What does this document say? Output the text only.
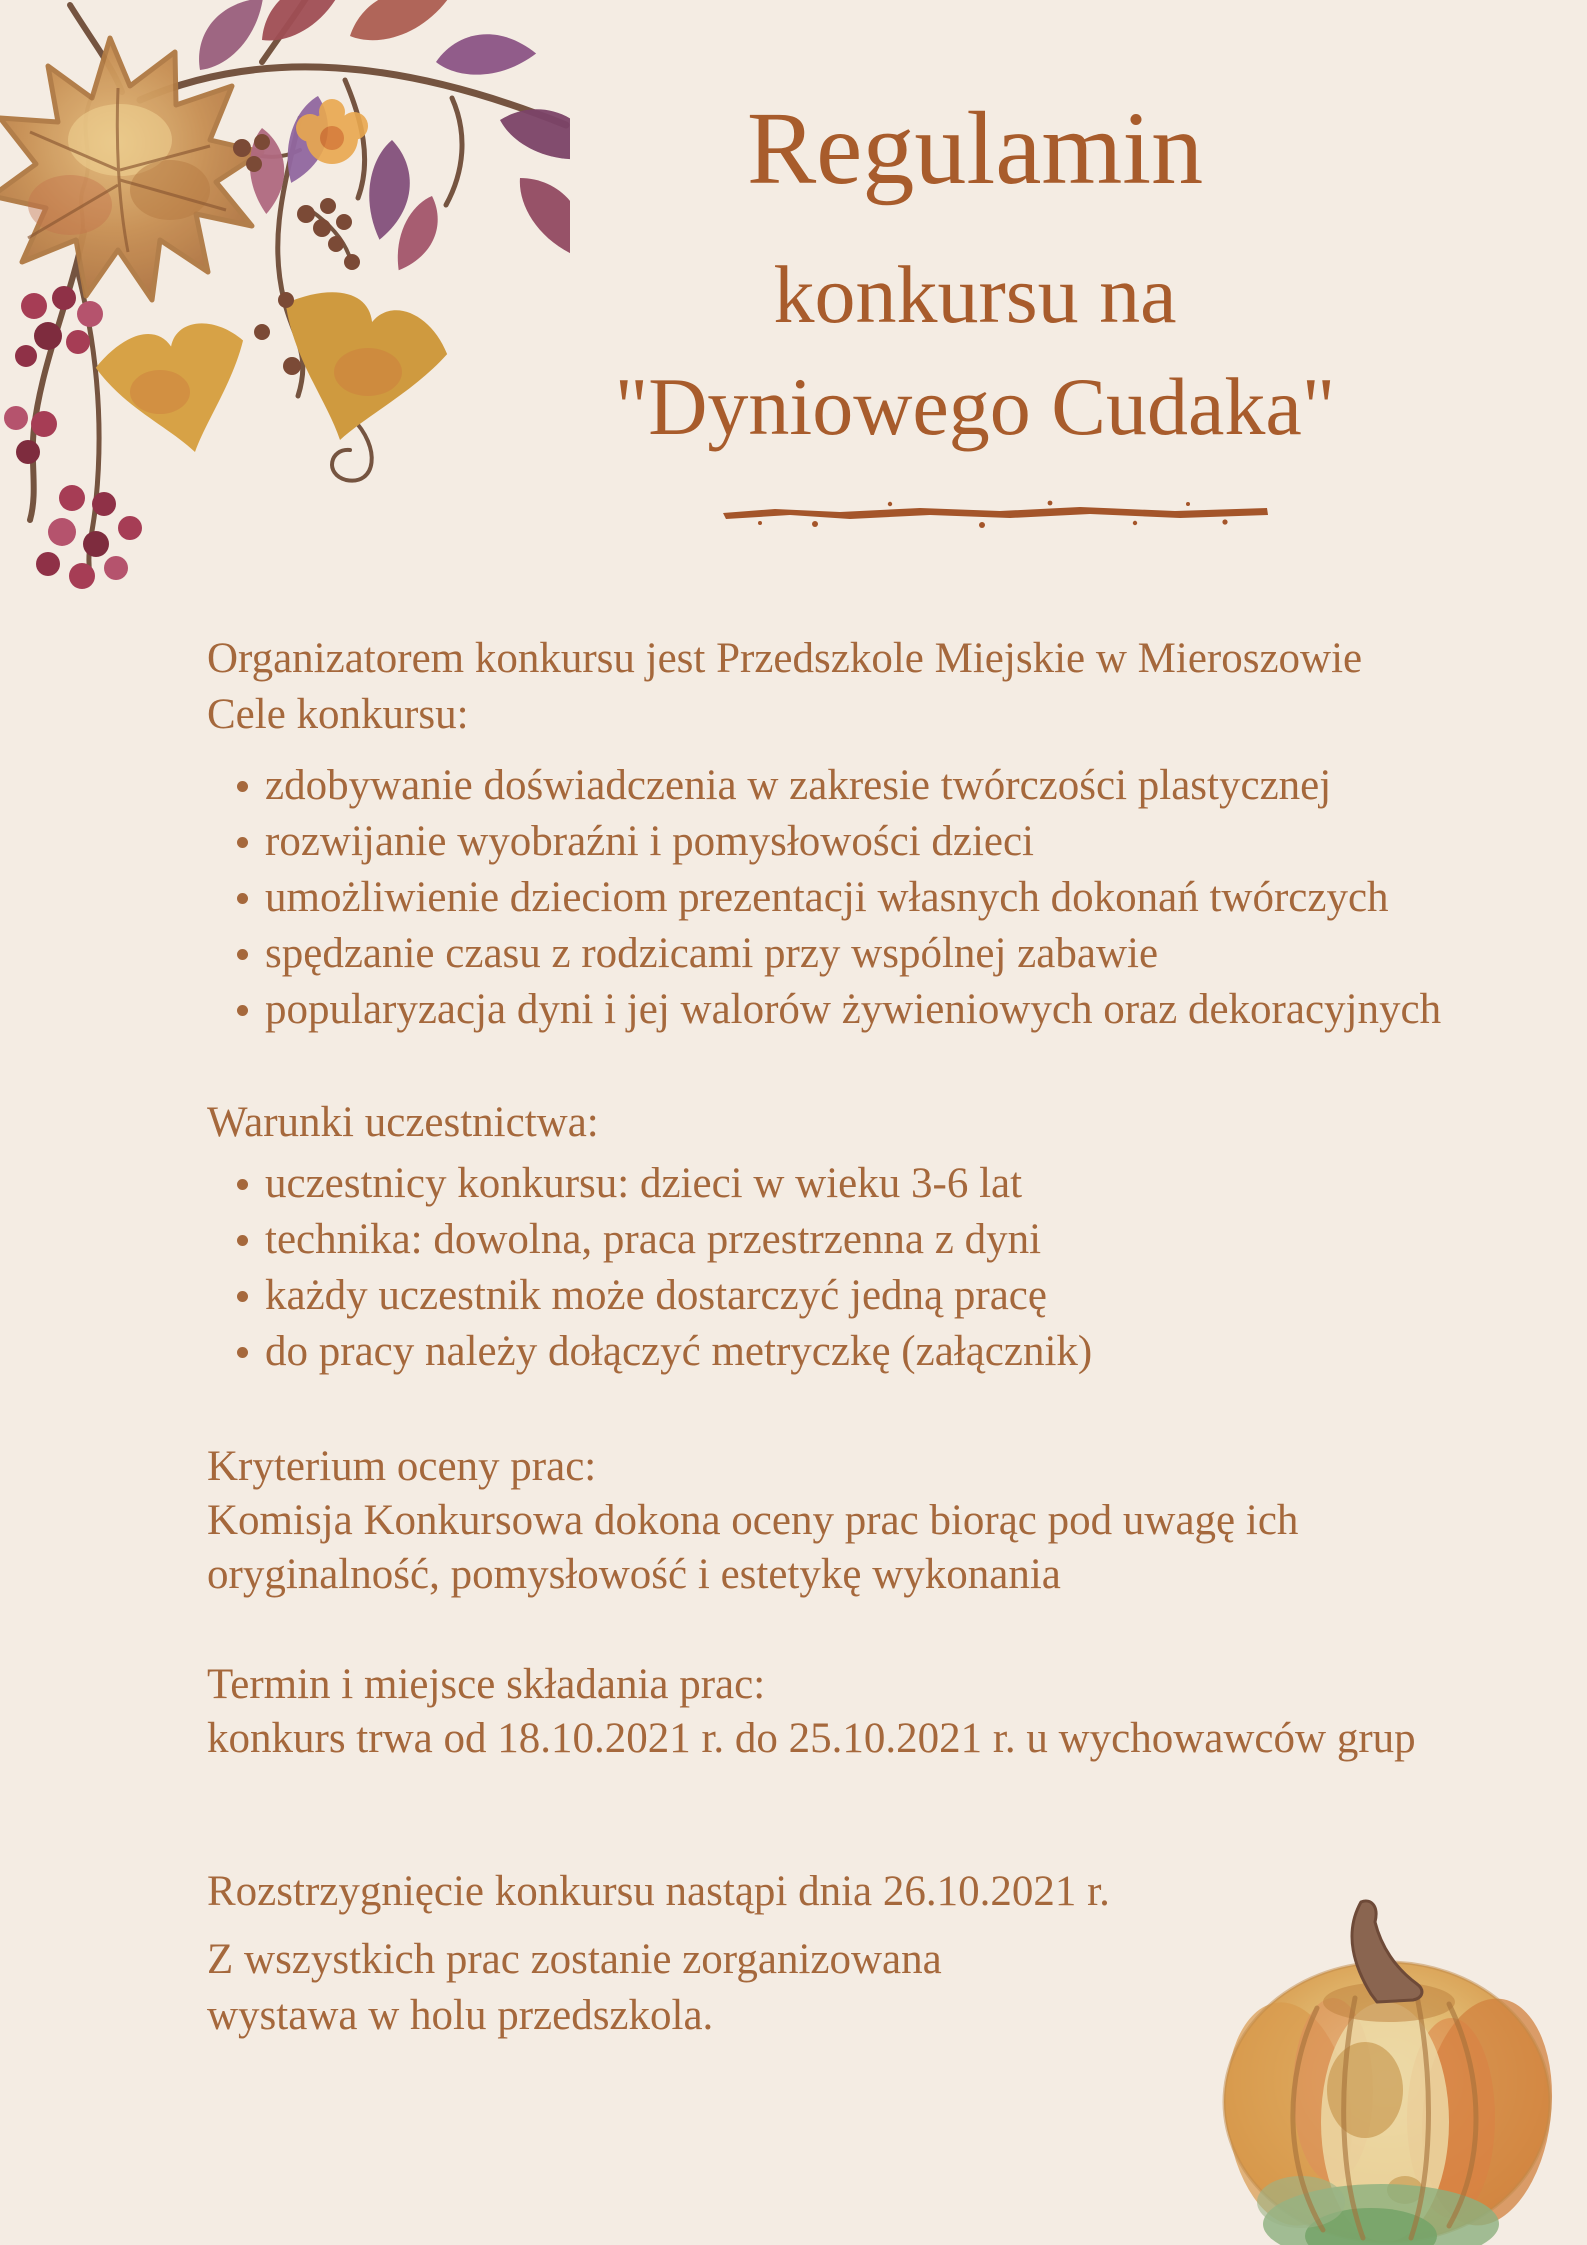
Regulamin
konkursu na
"Dyniowego Cudaka"

Organizatorem konkursu jest Przedszkole Miejskie w Mieroszowie

Cele konkursu:
zdobywanie doświadczenia w zakresie twórczości plastycznej
rozwijanie wyobraźni i pomysłowości dzieci
umożliwienie dzieciom prezentacji własnych dokonań twórczych
spędzanie czasu z rodzicami przy wspólnej zabawie
popularyzacja dyni i jej walorów żywieniowych oraz dekoracyjnych
Warunki uczestnictwa:
uczestnicy konkursu: dzieci w wieku 3-6 lat
technika: dowolna, praca przestrzenna z dyni
każdy uczestnik może dostarczyć jedną pracę
do pracy należy dołączyć metryczkę (załącznik)
Kryterium oceny prac:

Komisja Konkursowa dokona oceny prac biorąc pod uwagę ich

oryginalność, pomysłowość i estetykę wykonania

Termin i miejsce składania prac:

konkurs trwa od 18.10.2021 r. do 25.10.2021 r. u wychowawców grup

Rozstrzygnięcie konkursu nastąpi dnia 26.10.2021 r.

Z wszystkich prac zostanie zorganizowana

wystawa w holu przedszkola.
